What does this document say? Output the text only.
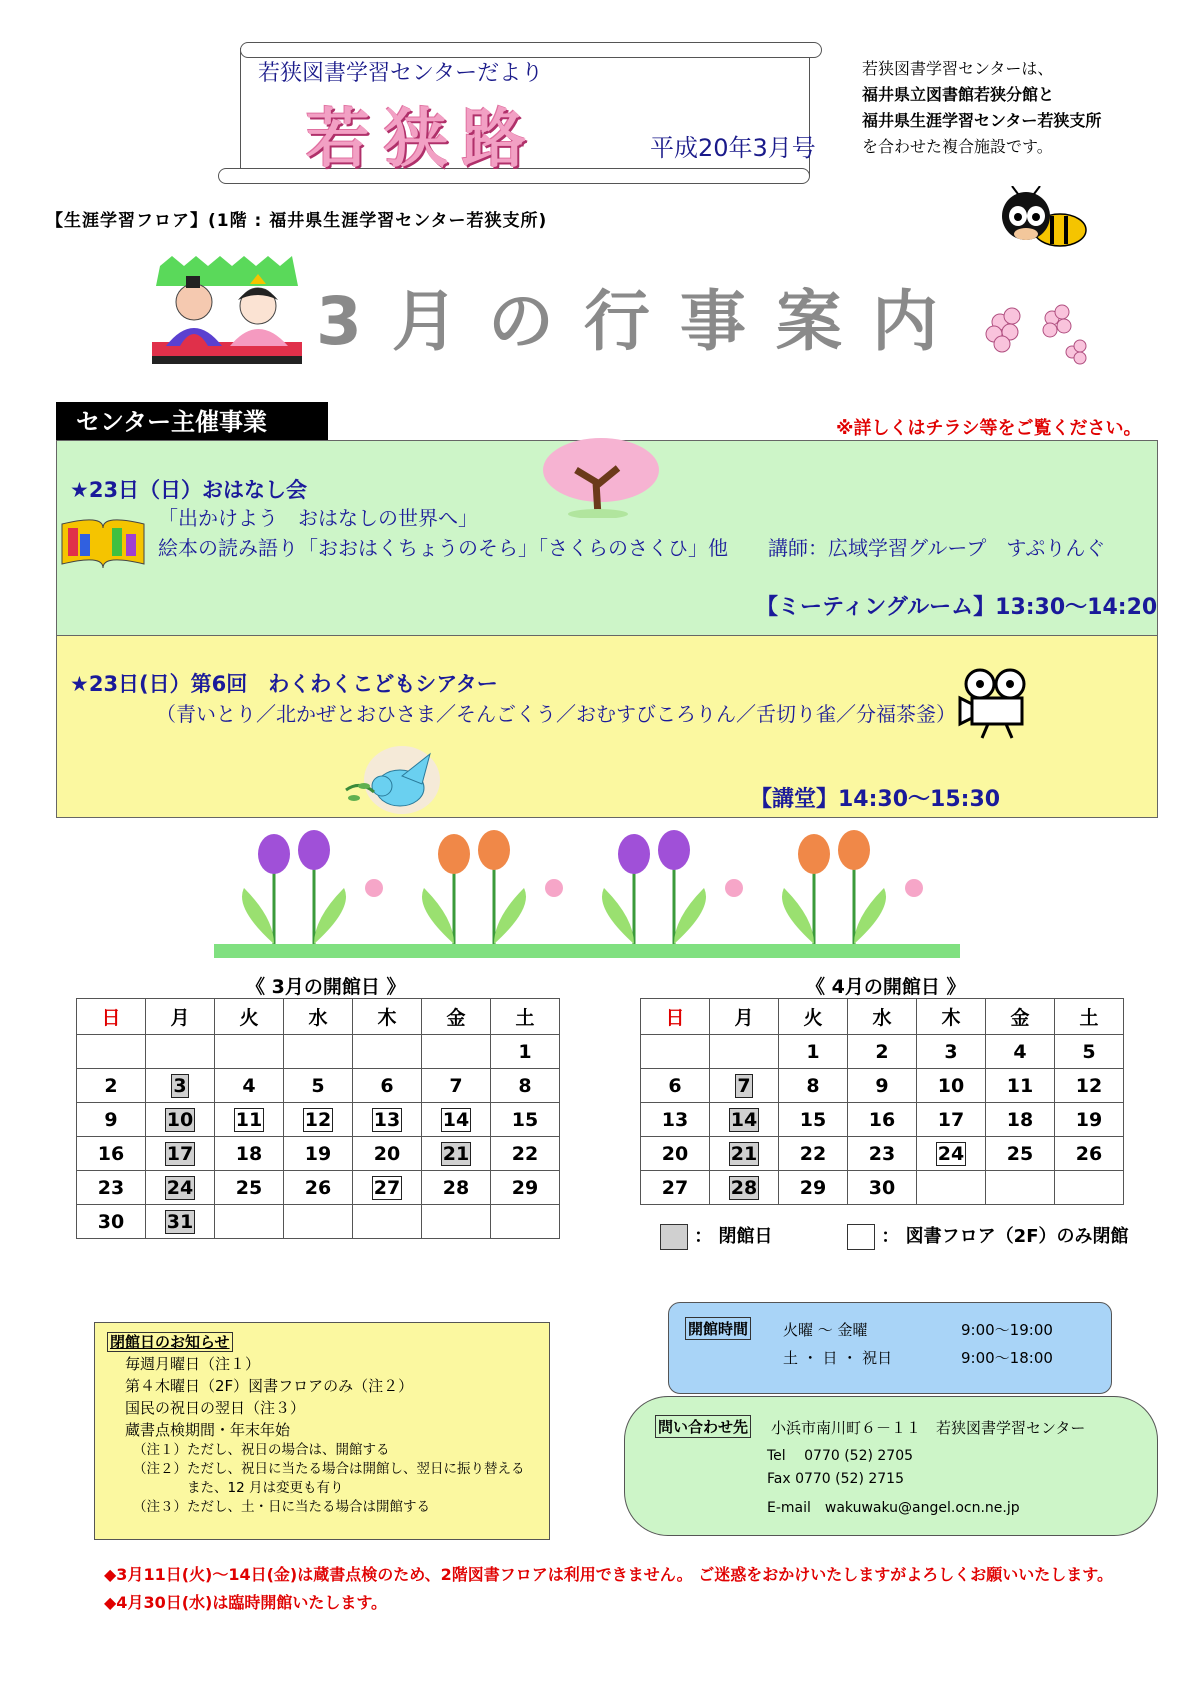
若狭図書学習センターだより
若狭路	平成20年3月号
若狭図書学習センターは、
福井県立図書館若狭分館と
福井県生涯学習センター若狭支所
を合わせた複合施設です。
【生涯学習フロア】(1階 : 福井県生涯学習センター若狭支所)
3月の行事案内
センター主催事業	※詳しくはチラシ等をご覧ください。
★23日（日）おはなし会
「出かけよう　おはなしの世界へ」
絵本の読み語り「おおはくちょうのそら」「さくらのさくひ」他　　講師：広域学習グループ　すぷりんぐ
【ミーティングルーム】13:30～14:20
★23日(日）第6回　わくわくこどもシアター
（青いとり／北かぜとおひさま／そんごくう／おむすびころりん／舌切り雀／分福茶釜）
【講堂】14:30～15:30
《 3月の開館日 》
日	月	火	水	木	金	土
						1
2	3	4	5	6	7	8
9	10	11	12	13	14	15
16	17	18	19	20	21	22
23	24	25	26	27	28	29
30	31					
《 4月の開館日 》
日	月	火	水	木	金	土
		1	2	3	4	5
6	7	8	9	10	11	12
13	14	15	16	17	18	19
20	21	22	23	24	25	26
27	28	29	30			
： 閉館日	： 図書フロア（2F）のみ閉館
閉館日のお知らせ
毎週月曜日（注１）
第４木曜日（2F）図書フロアのみ（注２）
国民の祝日の翌日（注３）
蔵書点検期間・年末年始
（注１）ただし、祝日の場合は、開館する
（注２）ただし、祝日に当たる場合は開館し、翌日に振り替える
　　　　また、12 月は変更も有り
（注３）ただし、土・日に当たる場合は開館する
開館時間 火曜 ～ 金曜	9:00～19:00
土 ・ 日 ・ 祝日	9:00～18:00
問い合わせ先 小浜市南川町６－１１　若狭図書学習センター
Tel　 0770 (52) 2705
Fax 0770 (52) 2715
E-mail　wakuwaku@angel.ocn.ne.jp
◆3月11日(火)～14日(金)は蔵書点検のため、2階図書フロアは利用できません。 ご迷惑をおかけいたしますがよろしくお願いいたします。
◆4月30日(水)は臨時開館いたします。
